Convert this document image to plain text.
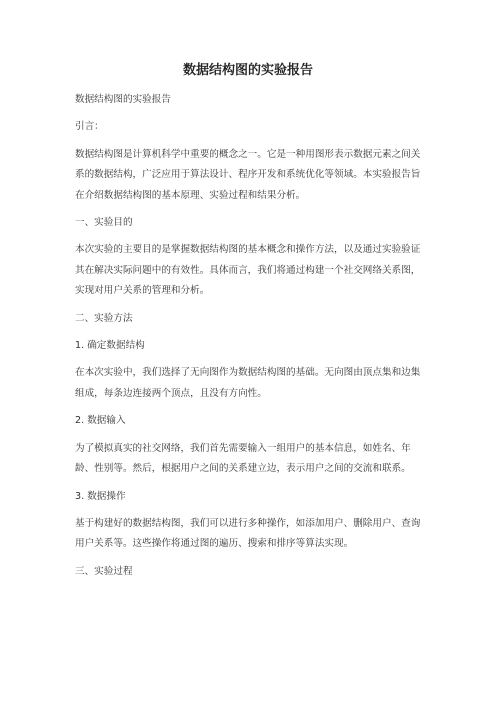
数据结构图的实验报告

数据结构图的实验报告

引言：

数据结构图是计算机科学中重要的概念之一。它是一种用图形表示数据元素之间关系的数据结构，广泛应用于算法设计、程序开发和系统优化等领域。本实验报告旨在介绍数据结构图的基本原理、实验过程和结果分析。

一、实验目的

本次实验的主要目的是掌握数据结构图的基本概念和操作方法，以及通过实验验证其在解决实际问题中的有效性。具体而言，我们将通过构建一个社交网络关系图，实现对用户关系的管理和分析。

二、实验方法

1. 确定数据结构

在本次实验中，我们选择了无向图作为数据结构图的基础。无向图由顶点集和边集组成，每条边连接两个顶点，且没有方向性。

2. 数据输入

为了模拟真实的社交网络，我们首先需要输入一组用户的基本信息，如姓名、年龄、性别等。然后，根据用户之间的关系建立边，表示用户之间的交流和联系。

3. 数据操作

基于构建好的数据结构图，我们可以进行多种操作，如添加用户、删除用户、查询用户关系等。这些操作将通过图的遍历、搜索和排序等算法实现。

三、实验过程
